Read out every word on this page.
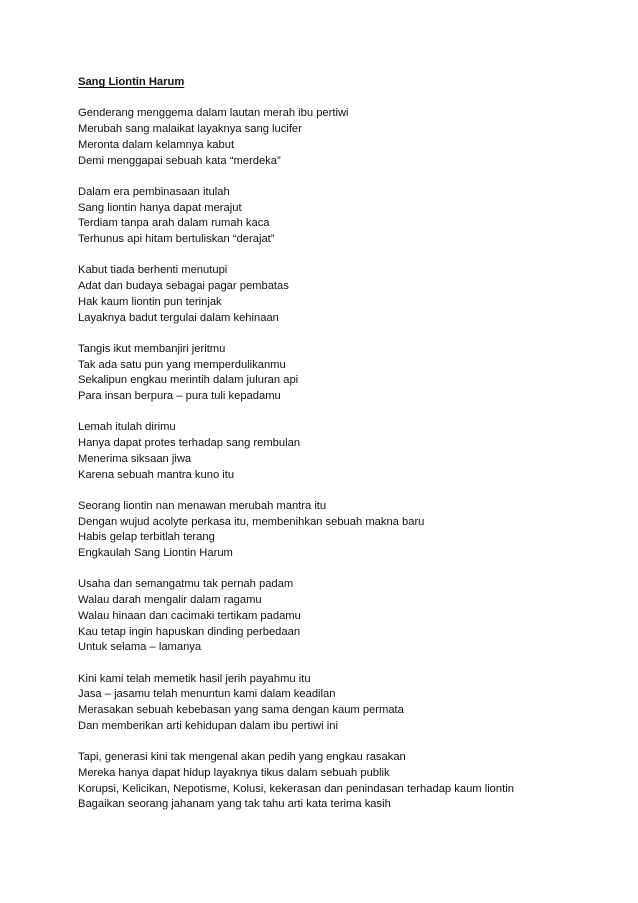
Sang Liontin Harum
Genderang menggema dalam lautan merah ibu pertiwi
Merubah sang malaikat layaknya sang lucifer
Meronta dalam kelamnya kabut
Demi menggapai sebuah kata “merdeka”
Dalam era pembinasaan itulah
Sang liontin hanya dapat merajut
Terdiam tanpa arah dalam rumah kaca
Terhunus api hitam bertuliskan “derajat”
Kabut tiada berhenti menutupi
Adat dan budaya sebagai pagar pembatas
Hak kaum liontin pun terinjak
Layaknya badut tergulai dalam kehinaan
Tangis ikut membanjiri jeritmu
Tak ada satu pun yang memperdulikanmu
Sekalipun engkau merintih dalam juluran api
Para insan berpura – pura tuli kepadamu
Lemah itulah dirimu
Hanya dapat protes terhadap sang rembulan
Menerima siksaan jiwa
Karena sebuah mantra kuno itu
Seorang liontin nan menawan merubah mantra itu
Dengan wujud acolyte perkasa itu, membenihkan sebuah makna baru
Habis gelap terbitlah terang
Engkaulah Sang Liontin Harum
Usaha dan semangatmu tak pernah padam
Walau darah mengalir dalam ragamu
Walau hinaan dan cacimaki tertikam padamu
Kau tetap ingin hapuskan dinding perbedaan
Untuk selama – lamanya
Kini kami telah memetik hasil jerih payahmu itu
Jasa – jasamu telah menuntun kami dalam keadilan
Merasakan sebuah kebebasan yang sama dengan kaum permata
Dan memberikan arti kehidupan dalam ibu pertiwi ini
Tapi, generasi kini tak mengenal akan pedih yang engkau rasakan
Mereka hanya dapat hidup layaknya tikus dalam sebuah publik
Korupsi, Kelicikan, Nepotisme, Kolusi, kekerasan dan penindasan terhadap kaum liontin
Bagaikan seorang jahanam yang tak tahu arti kata terima kasih
